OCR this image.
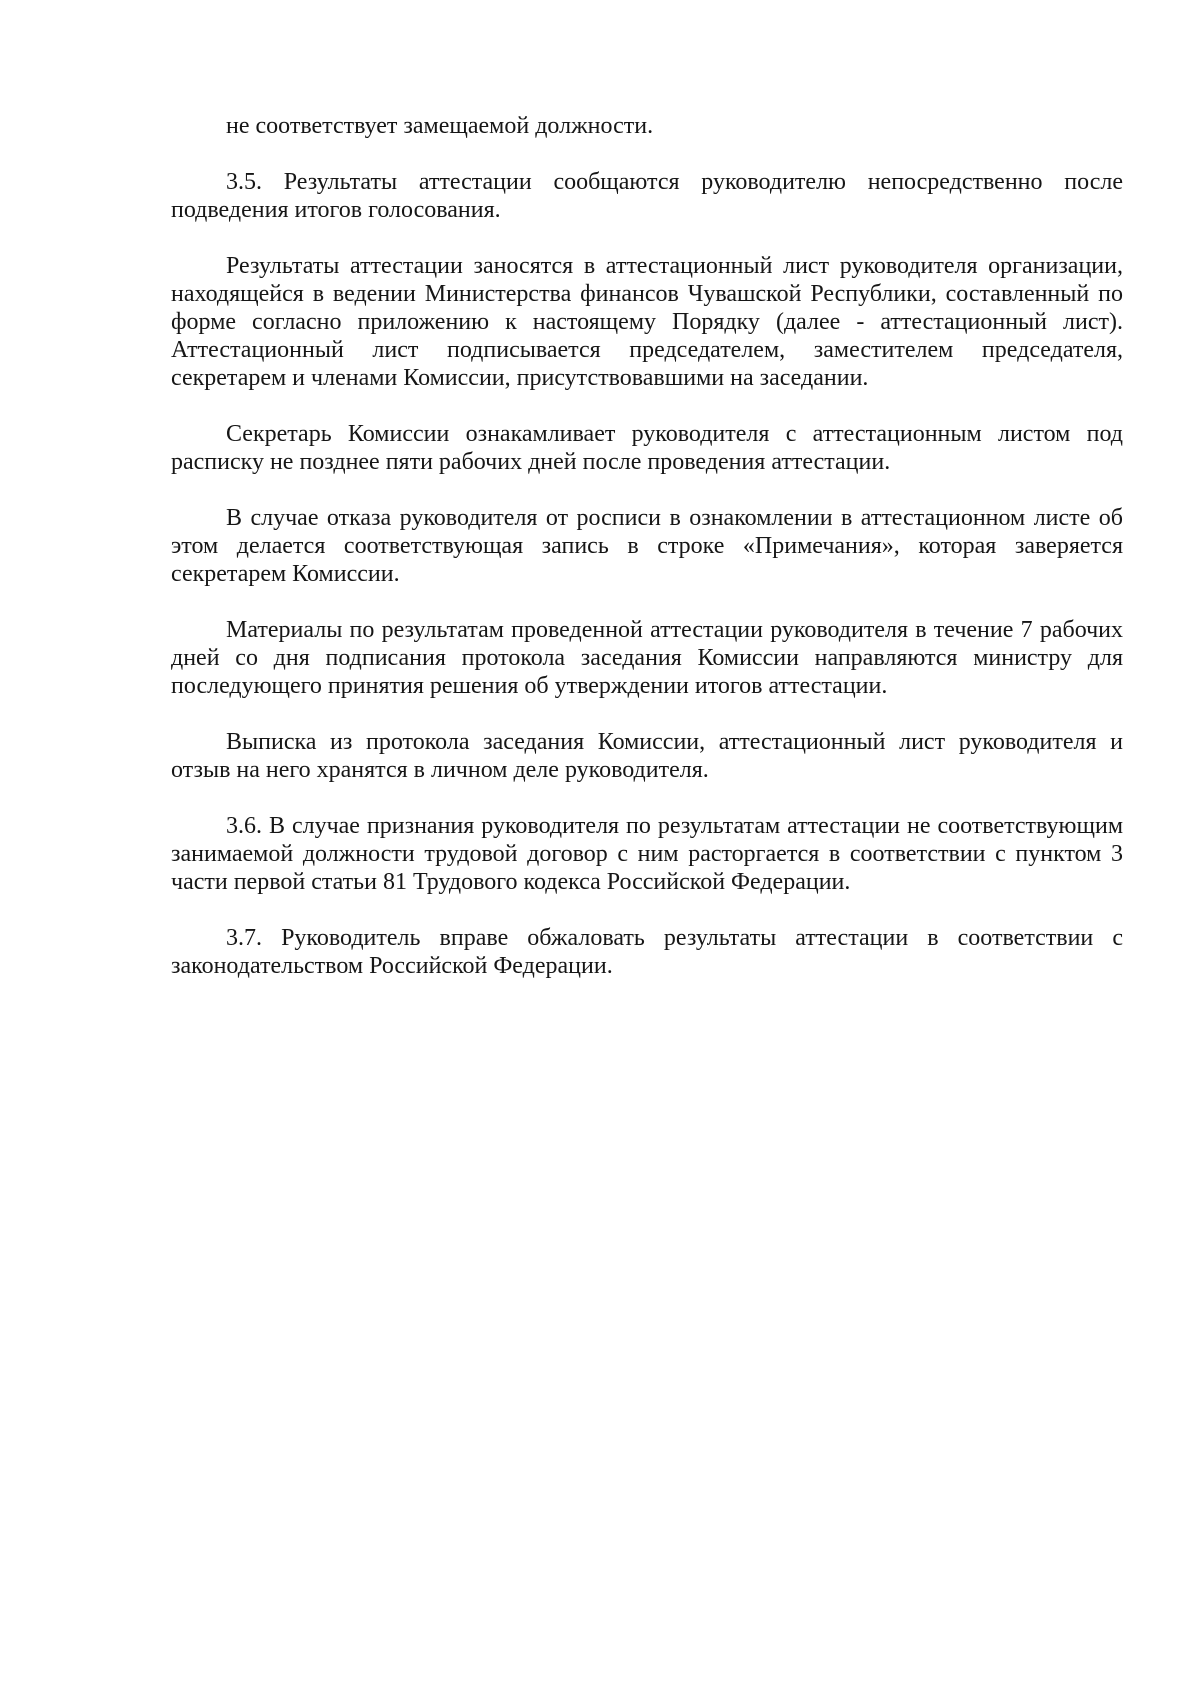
не соответствует замещаемой должности.

3.5. Результаты аттестации сообщаются руководителю непосредственно после подведения итогов голосования.

Результаты аттестации заносятся в аттестационный лист руководителя организации, находящейся в ведении Министерства финансов Чувашской Республики, составленный по форме согласно приложению к настоящему Порядку (далее - аттестационный лист). Аттестационный лист подписывается председателем, заместителем председателя, секретарем и членами Комиссии, присутствовавшими на заседании.

Секретарь Комиссии ознакамливает руководителя с аттестационным листом под расписку не позднее пяти рабочих дней после проведения аттестации.

В случае отказа руководителя от росписи в ознакомлении в аттестационном листе об этом делается соответствующая запись в строке «Примечания», которая заверяется секретарем Комиссии.

Материалы по результатам проведенной аттестации руководителя в течение 7 рабочих дней со дня подписания протокола заседания Комиссии направляются министру для последующего принятия решения об утверждении итогов аттестации.

Выписка из протокола заседания Комиссии, аттестационный лист руководителя и отзыв на него хранятся в личном деле руководителя.

3.6. В случае признания руководителя по результатам аттестации не соответствующим занимаемой должности трудовой договор с ним расторгается в соответствии с пунктом 3 части первой статьи 81 Трудового кодекса Российской Федерации.

3.7. Руководитель вправе обжаловать результаты аттестации в соответствии с законодательством Российской Федерации.
